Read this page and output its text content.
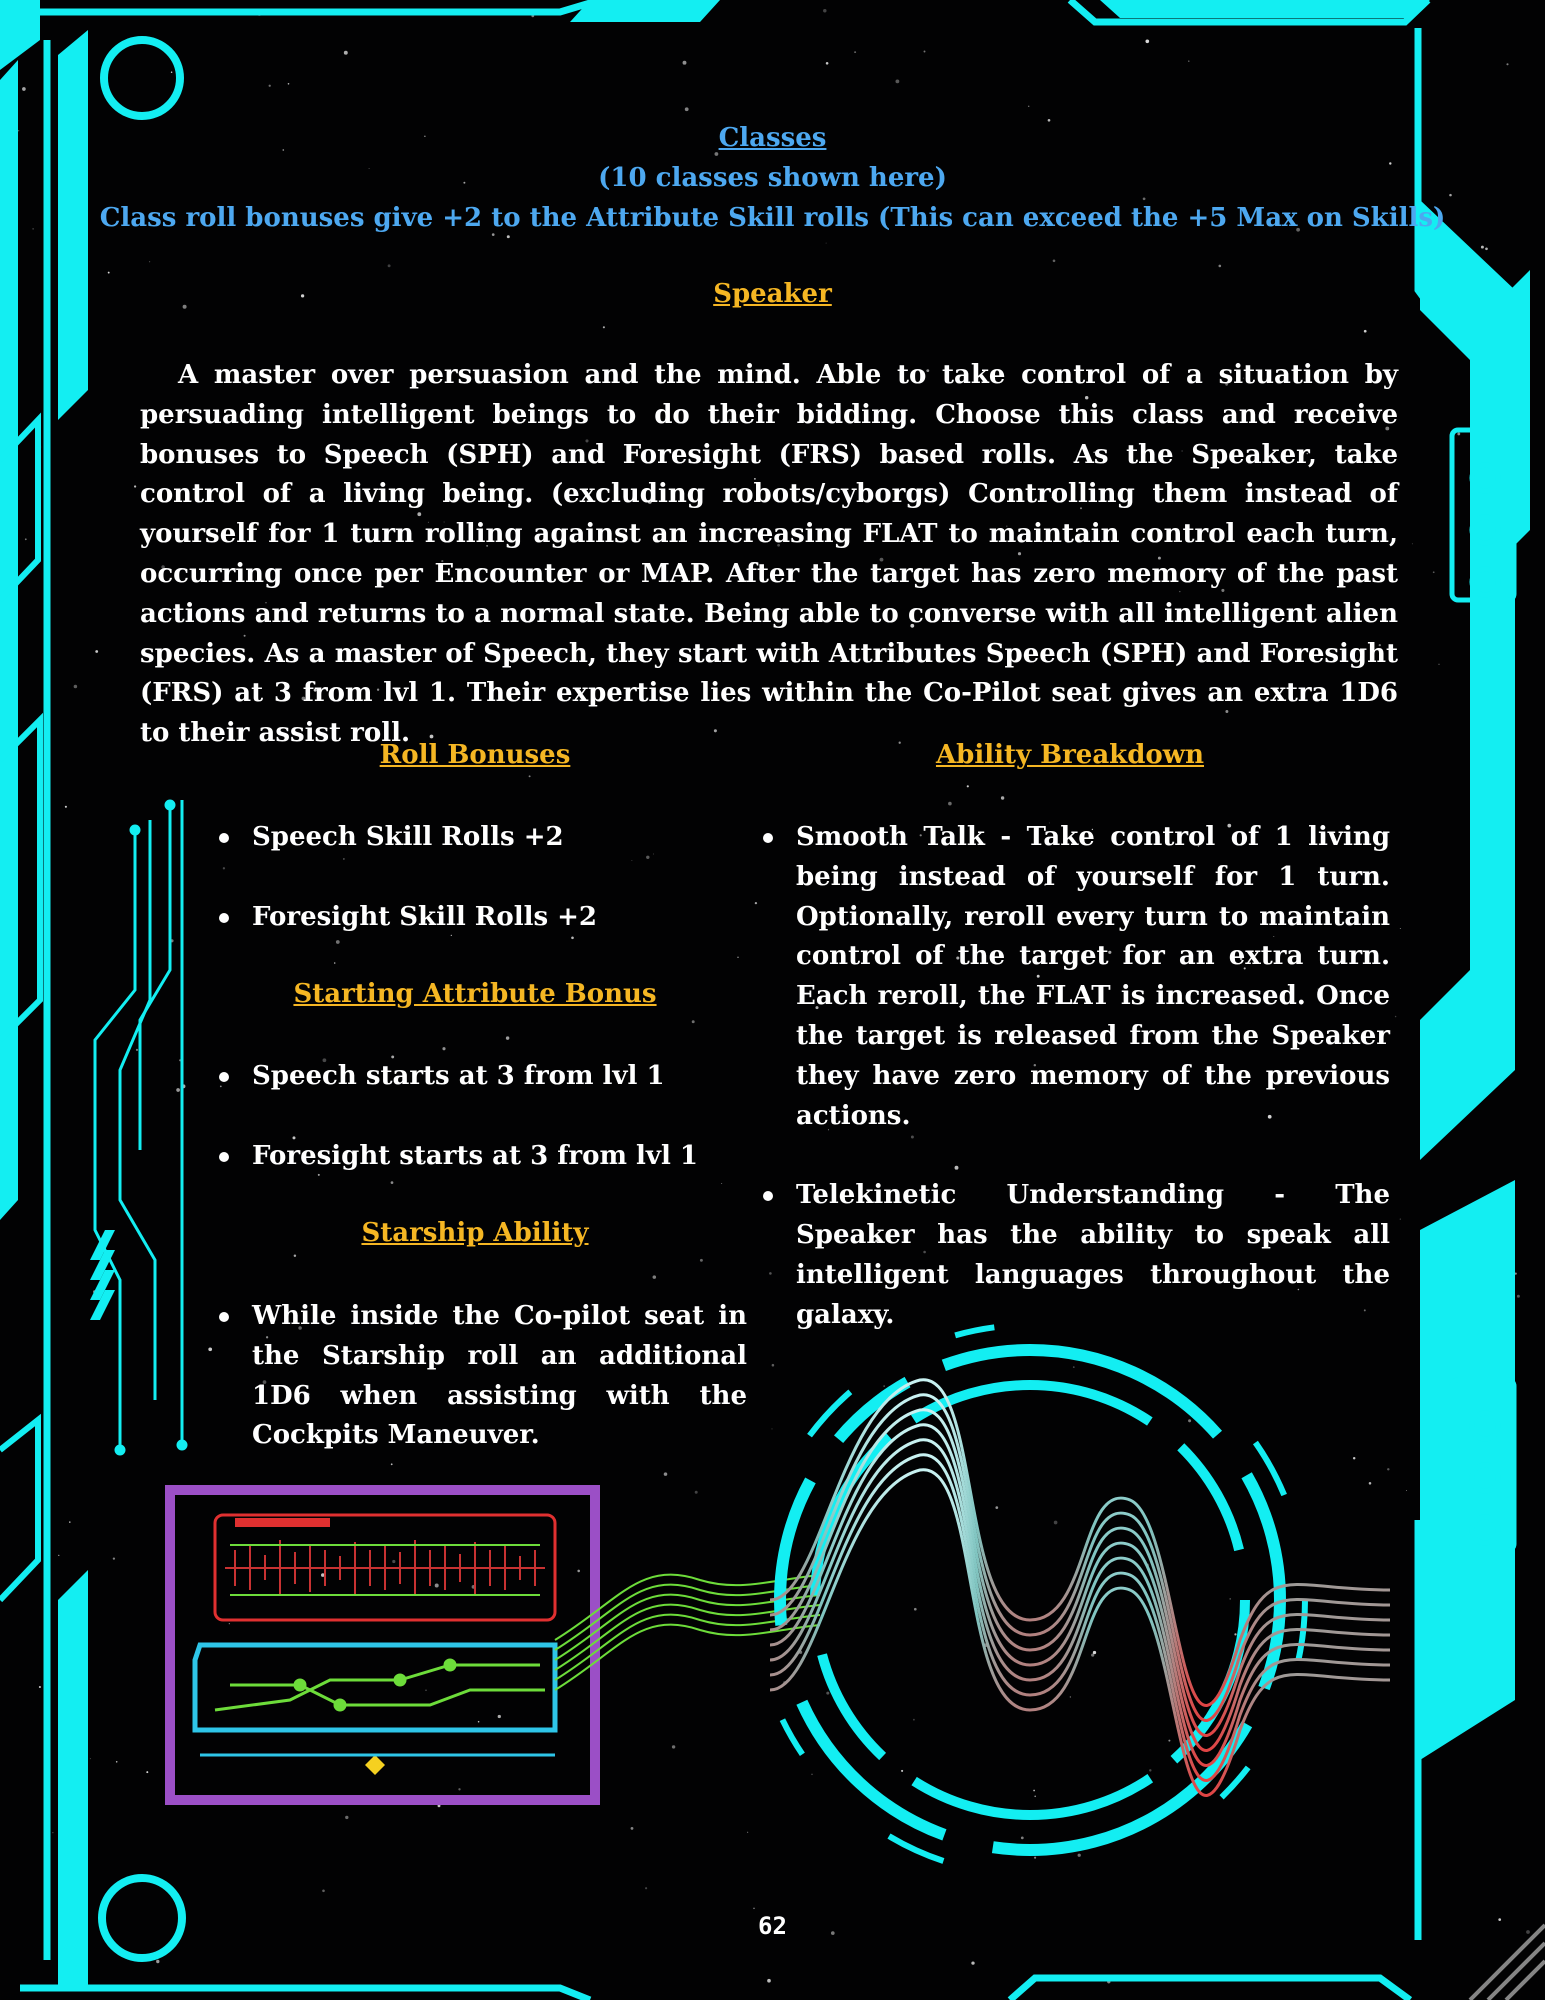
Classes
(10 classes shown here)
Class roll bonuses give +2 to the Attribute Skill rolls (This can exceed the +5 Max on Skills)
Speaker
A master over persuasion and the mind. Able to take control of a situation by persuading intelligent beings to do their bidding. Choose this class and receive bonuses to Speech (SPH) and Foresight (FRS) based rolls. As the Speaker, take control of a living being. (excluding robots/cyborgs) Controlling them instead of yourself for 1 turn rolling against an increasing FLAT to maintain control each turn, occurring once per Encounter or MAP. After the target has zero memory of the past actions and returns to a normal state. Being able to converse with all intelligent alien species. As a master of Speech, they start with Attributes Speech (SPH) and Foresight (FRS) at 3 from lvl 1. Their expertise lies within the Co-Pilot seat gives an extra 1D6 to their assist roll.
Roll Bonuses
Speech Skill Rolls +2
Foresight Skill Rolls +2
Starting Attribute Bonus
Speech starts at 3 from lvl 1
Foresight starts at 3 from lvl 1
Starship Ability
While inside the Co-pilot seat in the Starship roll an additional 1D6 when assisting with the Cockpits Maneuver.
Ability Breakdown
Smooth Talk - Take control of 1 living being instead of yourself for 1 turn. Optionally, reroll every turn to maintain control of the target for an extra turn. Each reroll, the FLAT is increased. Once the target is released from the Speaker they have zero memory of the previous actions.
Telekinetic Understanding - The Speaker has the ability to speak all intelligent languages throughout the galaxy.
62
